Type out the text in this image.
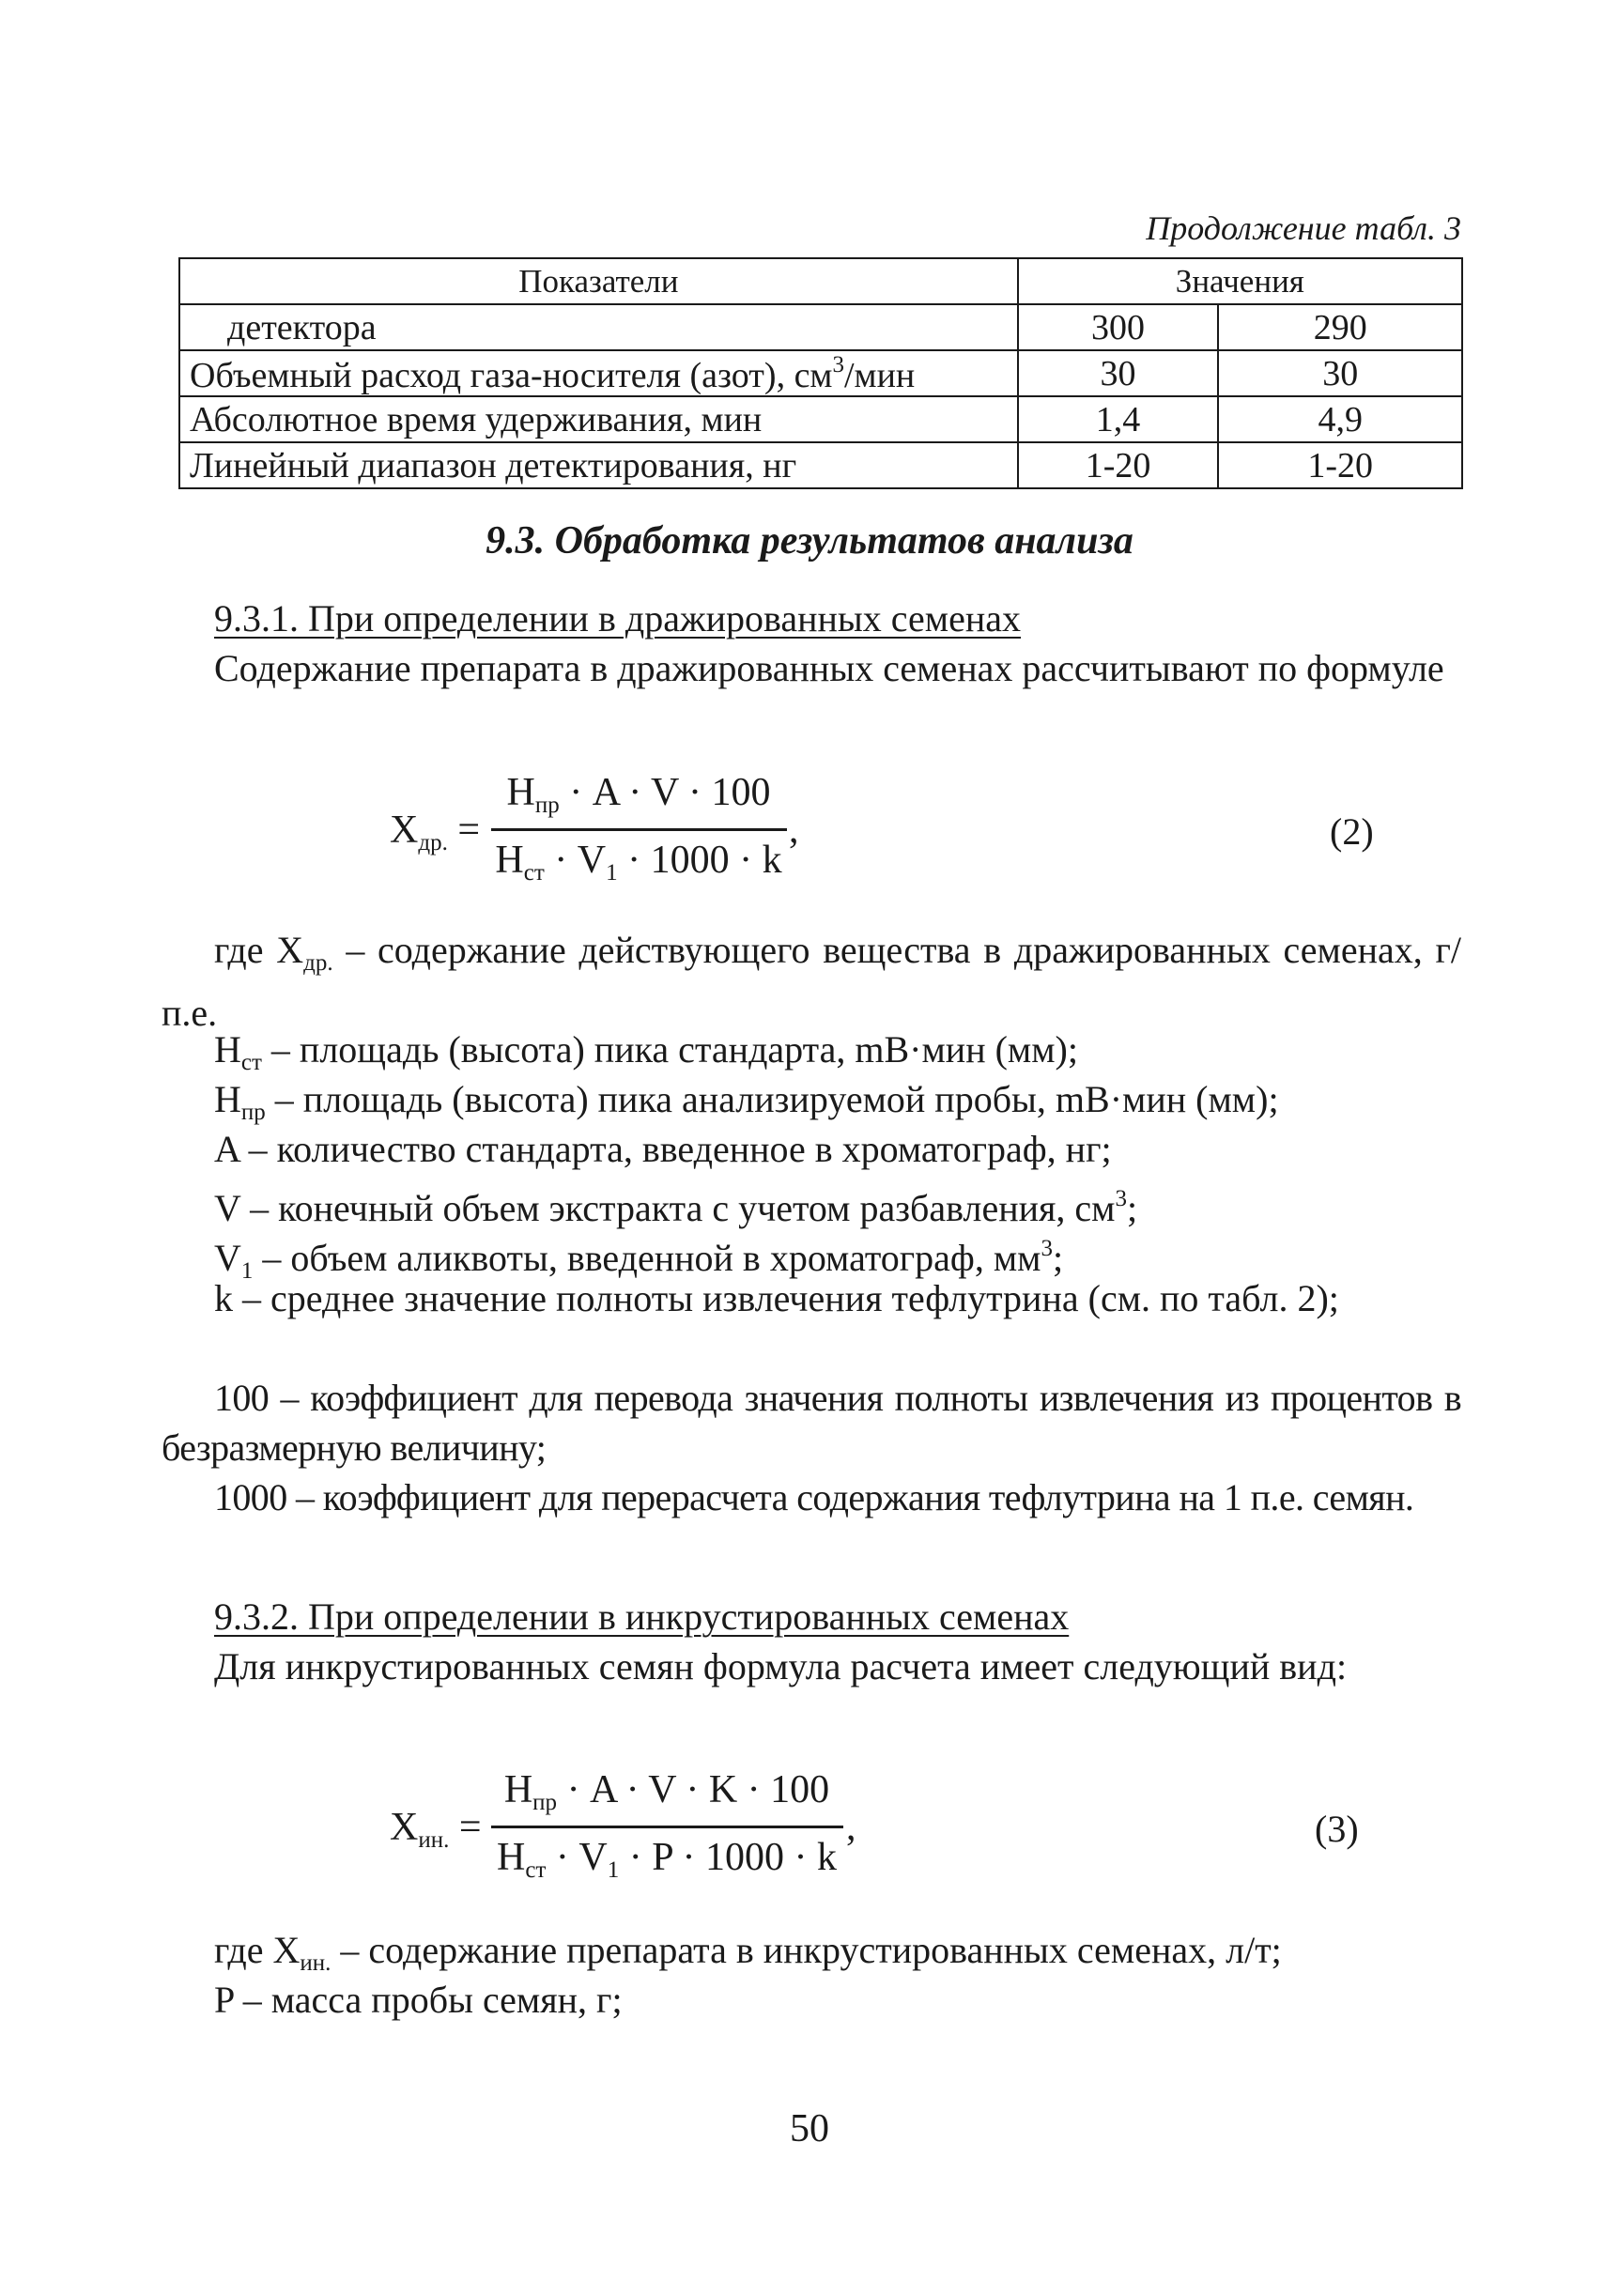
Продолжение табл. 3
Показатели	Значения	
детектора	300	290
Объемный расход газа-носителя (азот), $см^3$/мин	30	30
Абсолютное время удерживания, мин	1,4	4,9
Линейный диапазон детектирования, нг	1-20	1-20
9.3. Обработка результатов анализа
9.3.1. При определении в дражированных семенах
Содержание препарата в дражированных семенах рассчитывают по формуле
$X_{др.}$ =
$H_{пр} \cdot A \cdot V \cdot 100$
$H_{ст} \cdot V_1 \cdot 1000 \cdot k$
,	(2)
где $X_{др.}$ – содержание действующего вещества в дражированных семенах, г/п.е.
$H_{ст}$ – площадь (высота) пика стандарта, mВ·мин (мм);
$H_{пр}$ – площадь (высота) пика анализируемой пробы, mВ·мин (мм);
A – количество стандарта, введенное в хроматограф, нг;
V – конечный объем экстракта с учетом разбавления, $см^3$;
$V_1$ – объем аликвоты, введенной в хроматограф, $мм^3$;
k – среднее значение полноты извлечения тефлутрина (см. по табл. 2);
100 – коэффициент для перевода значения полноты извлечения из процентов в безразмерную величину;
1000 – коэффициент для перерасчета содержания тефлутрина на 1 п.е. семян.
9.3.2. При определении в инкрустированных семенах
Для инкрустированных семян формула расчета имеет следующий вид:
$X_{ин.}$ =
$H_{пр} \cdot A \cdot V \cdot K \cdot 100$
$H_{ст} \cdot V_1 \cdot P \cdot 1000 \cdot k$
,	(3)
где $X_{ин.}$ – содержание препарата в инкрустированных семенах, л/т;
P – масса пробы семян, г;
50
